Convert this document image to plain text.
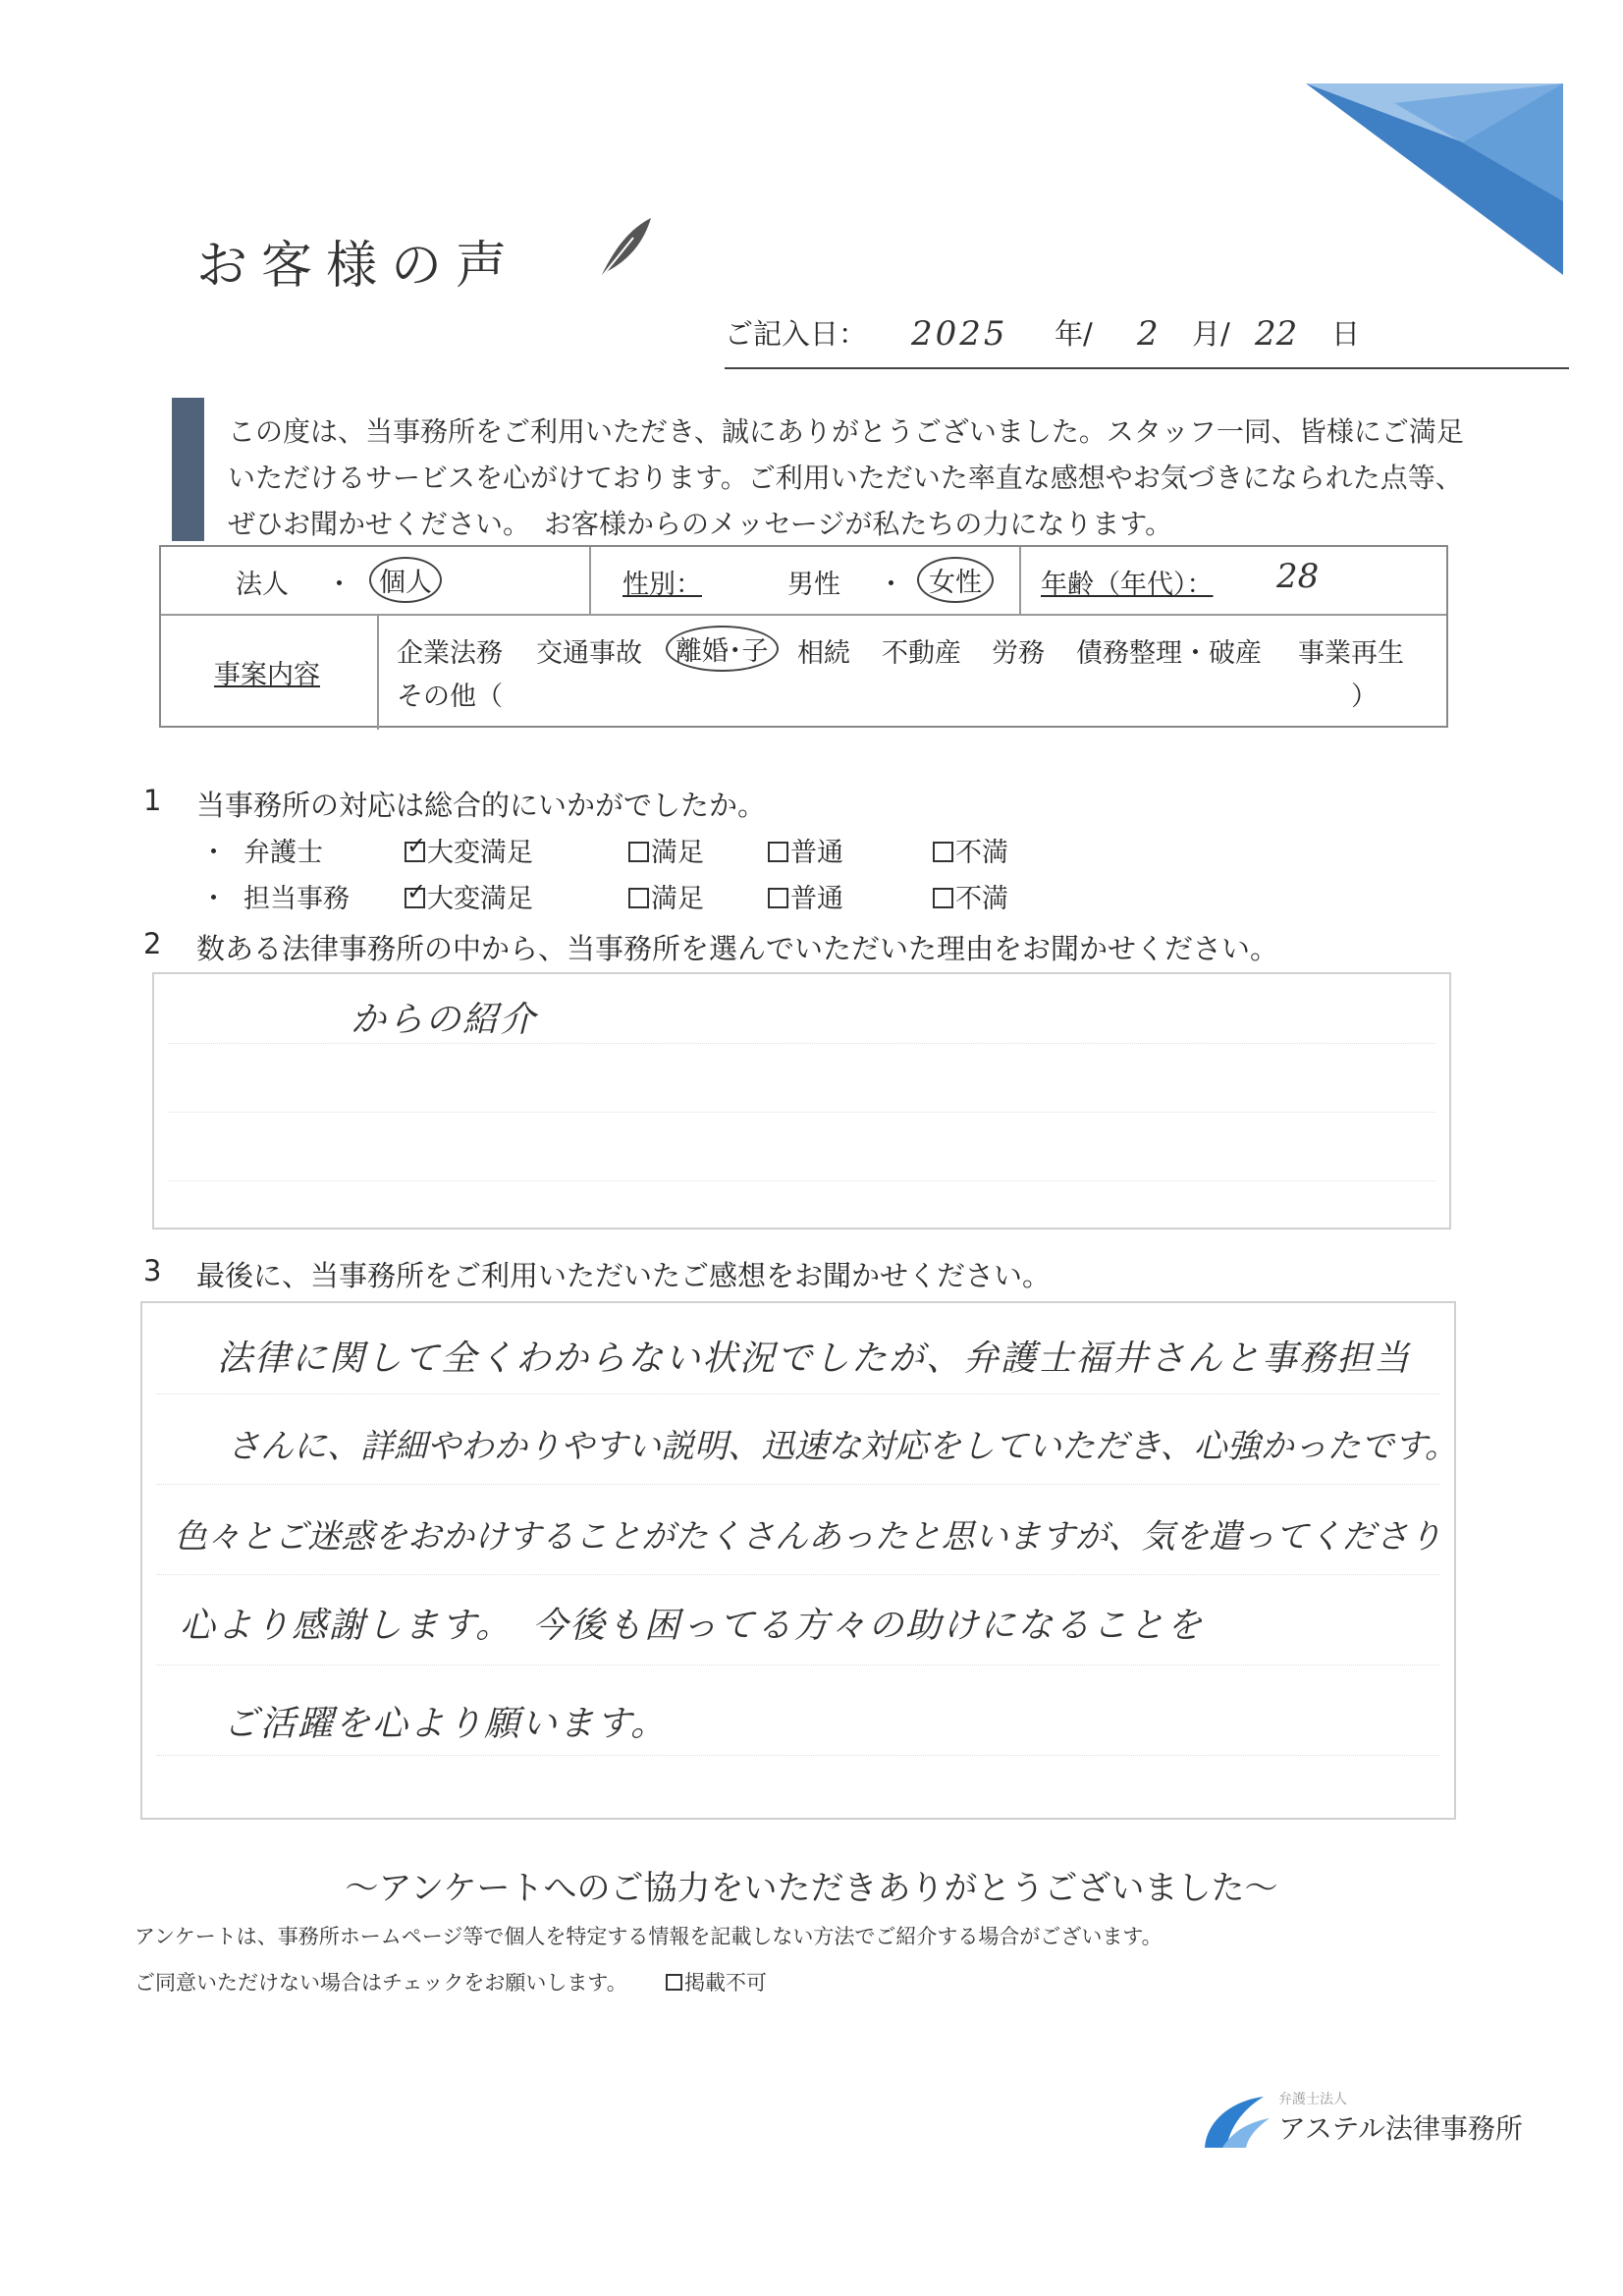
お客様の声
ご記入日： 2025 年/ 2 月/ 22 日
この度は、当事務所をご利用いただき、誠にありがとうございました。スタッフ一同、皆様にご満足
いただけるサービスを心がけております。ご利用いただいた率直な感想やお気づきになられた点等、
ぜひお聞かせください。　お客様からのメッセージが私たちの力になります。
法人 ・	個人	性別：	男性 ・ 女性	年齢（年代）： 28
事案内容
企業法務 交通事故	離婚･子	相続 不動産 労務 債務整理・破産 事業再生
その他（	）
1 当事務所の対応は総合的にいかがでしたか。
・ 弁護士 ✓	大変満足	満足	普通	不満
・ 担当事務 ✓	大変満足	満足	普通	不満
2 数ある法律事務所の中から、当事務所を選んでいただいた理由をお聞かせください。
からの紹介
3 最後に、当事務所をご利用いただいたご感想をお聞かせください。
法律に関して全くわからない状況でしたが、弁護士福井さんと事務担当
さんに、詳細やわかりやすい説明、迅速な対応をしていただき、心強かったです。
色々とご迷惑をおかけすることがたくさんあったと思いますが、気を遣ってくださり
心より感謝します。　今後も困ってる方々の助けになることを
ご活躍を心より願います。
～アンケートへのご協力をいただきありがとうございました～
アンケートは、事務所ホームページ等で個人を特定する情報を記載しない方法でご紹介する場合がございます。
ご同意いただけない場合はチェックをお願いします。	掲載不可
弁護士法人
アステル法律事務所
